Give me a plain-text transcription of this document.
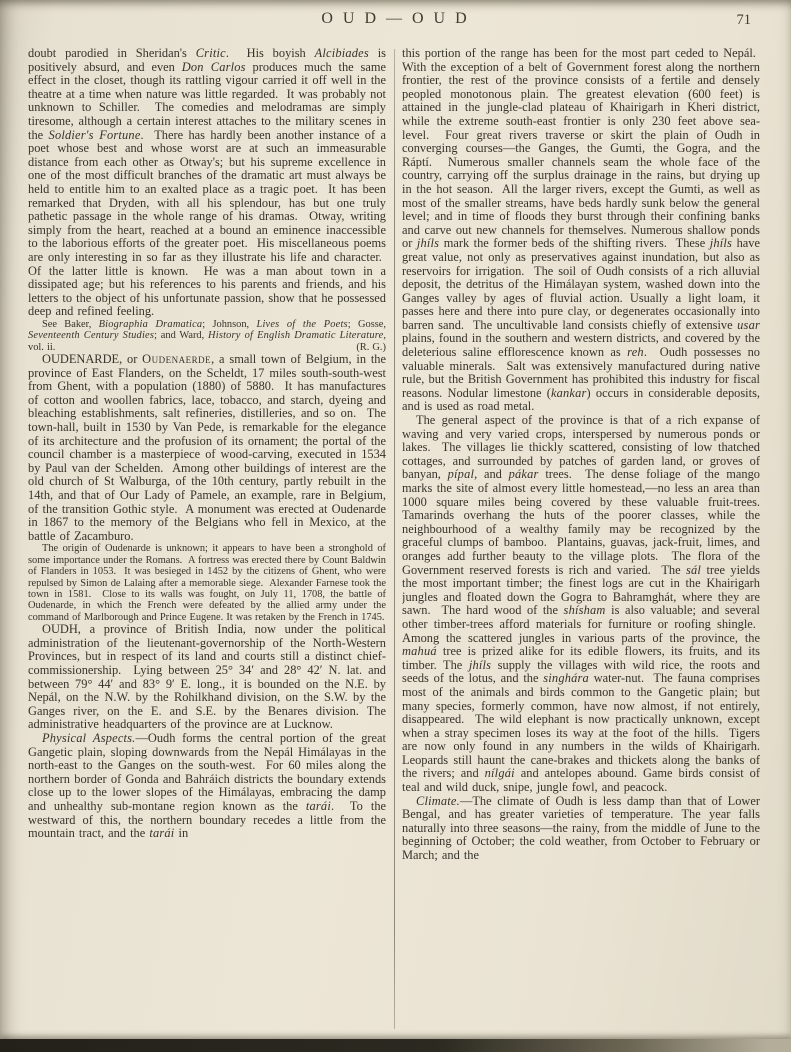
O U D — O U D	71

doubt parodied in Sheridan's Critic.  His boyish Alcibiades is positively absurd, and even Don Carlos produces much the same effect in the closet, though its rattling vigour carried it off well in the theatre at a time when nature was little regarded.  It was probably not unknown to Schiller.  The comedies and melodramas are simply tiresome, although a certain interest attaches to the military scenes in the Soldier's Fortune.  There has hardly been another instance of a poet whose best and whose worst are at such an immeasurable distance from each other as Otway's; but his supreme excellence in one of the most difficult branches of the dramatic art must always be held to entitle him to an exalted place as a tragic poet.  It has been remarked that Dryden, with all his splendour, has but one truly pathetic passage in the whole range of his dramas.  Otway, writing simply from the heart, reached at a bound an eminence inaccessible to the laborious efforts of the greater poet.  His miscellaneous poems are only interesting in so far as they illustrate his life and character.  Of the latter little is known.  He was a man about town in a dissipated age; but his references to his parents and friends, and his letters to the object of his unfortunate passion, show that he possessed deep and refined feeling.

See Baker, Biographia Dramatica; Johnson, Lives of the Poets; Gosse, Seventeenth Century Studies; and Ward, History of English Dramatic Literature, vol. ii.	(R. G.)

OUDENARDE, or Oudenaerde, a small town of Belgium, in the province of East Flanders, on the Scheldt, 17 miles south-south-west from Ghent, with a population (1880) of 5880.  It has manufactures of cotton and woollen fabrics, lace, tobacco, and starch, dyeing and bleaching establishments, salt refineries, distilleries, and so on.  The town-hall, built in 1530 by Van Pede, is remarkable for the elegance of its architecture and the profusion of its ornament; the portal of the council chamber is a masterpiece of wood-carving, executed in 1534 by Paul van der Schelden.  Among other buildings of interest are the old church of St Walburga, of the 10th century, partly rebuilt in the 14th, and that of Our Lady of Pamele, an example, rare in Belgium, of the transition Gothic style.  A monument was erected at Oudenarde in 1867 to the memory of the Belgians who fell in Mexico, at the battle of Zacamburo.

The origin of Oudenarde is unknown; it appears to have been a stronghold of some importance under the Romans.  A fortress was erected there by Count Baldwin of Flanders in 1053.  It was besieged in 1452 by the citizens of Ghent, who were repulsed by Simon de Lalaing after a memorable siege.  Alexander Farnese took the town in 1581.  Close to its walls was fought, on July 11, 1708, the battle of Oudenarde, in which the French were defeated by the allied army under the command of Marlborough and Prince Eugene. It was retaken by the French in 1745.

OUDH, a province of British India, now under the political administration of the lieutenant-governorship of the North-Western Provinces, but in respect of its land and courts still a distinct chief-commissionership.  Lying between 25° 34′ and 28° 42′ N. lat. and between 79° 44′ and 83° 9′ E. long., it is bounded on the N.E. by Nepál, on the N.W. by the Rohilkhand division, on the S.W. by the Ganges river, on the E. and S.E. by the Benares division. The administrative headquarters of the province are at Lucknow.

Physical Aspects.—Oudh forms the central portion of the great Gangetic plain, sloping downwards from the Nepál Himálayas in the north-east to the Ganges on the south-west.  For 60 miles along the northern border of Gonda and Bahráich districts the boundary extends close up to the lower slopes of the Himálayas, embracing the damp and unhealthy sub-montane region known as the tarái.  To the westward of this, the northern boundary recedes a little from the mountain tract, and the tarái in

this portion of the range has been for the most part ceded to Nepál.  With the exception of a belt of Government forest along the northern frontier, the rest of the province consists of a fertile and densely peopled monotonous plain. The greatest elevation (600 feet) is attained in the jungle-clad plateau of Khairigarh in Kheri district, while the extreme south-east frontier is only 230 feet above sea-level.  Four great rivers traverse or skirt the plain of Oudh in converging courses—the Ganges, the Gumti, the Gogra, and the Ráptí.  Numerous smaller channels seam the whole face of the country, carrying off the surplus drainage in the rains, but drying up in the hot season.  All the larger rivers, except the Gumti, as well as most of the smaller streams, have beds hardly sunk below the general level; and in time of floods they burst through their confining banks and carve out new channels for themselves. Numerous shallow ponds or jhíls mark the former beds of the shifting rivers.  These jhíls have great value, not only as preservatives against inundation, but also as reservoirs for irrigation.  The soil of Oudh consists of a rich alluvial deposit, the detritus of the Himálayan system, washed down into the Ganges valley by ages of fluvial action. Usually a light loam, it passes here and there into pure clay, or degenerates occasionally into barren sand.  The uncultivable land consists chiefly of extensive usar plains, found in the southern and western districts, and covered by the deleterious saline efflorescence known as reh.  Oudh possesses no valuable minerals.  Salt was extensively manufactured during native rule, but the British Government has prohibited this industry for fiscal reasons. Nodular limestone (kankar) occurs in considerable deposits, and is used as road metal.

The general aspect of the province is that of a rich expanse of waving and very varied crops, interspersed by numerous ponds or lakes.  The villages lie thickly scattered, consisting of low thatched cottages, and surrounded by patches of garden land, or groves of banyan, pípal, and pákar trees.  The dense foliage of the mango marks the site of almost every little homestead,—no less an area than 1000 square miles being covered by these valuable fruit-trees. Tamarinds overhang the huts of the poorer classes, while the neighbourhood of a wealthy family may be recognized by the graceful clumps of bamboo.  Plantains, guavas, jack-fruit, limes, and oranges add further beauty to the village plots.  The flora of the Government reserved forests is rich and varied.  The sál tree yields the most important timber; the finest logs are cut in the Khairigarh jungles and floated down the Gogra to Bahramghát, where they are sawn.  The hard wood of the shísham is also valuable; and several other timber-trees afford materials for furniture or roofing shingle.  Among the scattered jungles in various parts of the province, the mahuá tree is prized alike for its edible flowers, its fruits, and its timber. The jhíls supply the villages with wild rice, the roots and seeds of the lotus, and the singhára water-nut.  The fauna comprises most of the animals and birds common to the Gangetic plain; but many species, formerly common, have now almost, if not entirely, disappeared.  The wild elephant is now practically unknown, except when a stray specimen loses its way at the foot of the hills.  Tigers are now only found in any numbers in the wilds of Khairigarh. Leopards still haunt the cane-brakes and thickets along the banks of the rivers; and nílgái and antelopes abound. Game birds consist of teal and wild duck, snipe, jungle fowl, and peacock.

Climate.—The climate of Oudh is less damp than that of Lower Bengal, and has greater varieties of temperature. The year falls naturally into three seasons—the rainy, from the middle of June to the beginning of October; the cold weather, from October to February or March; and the
